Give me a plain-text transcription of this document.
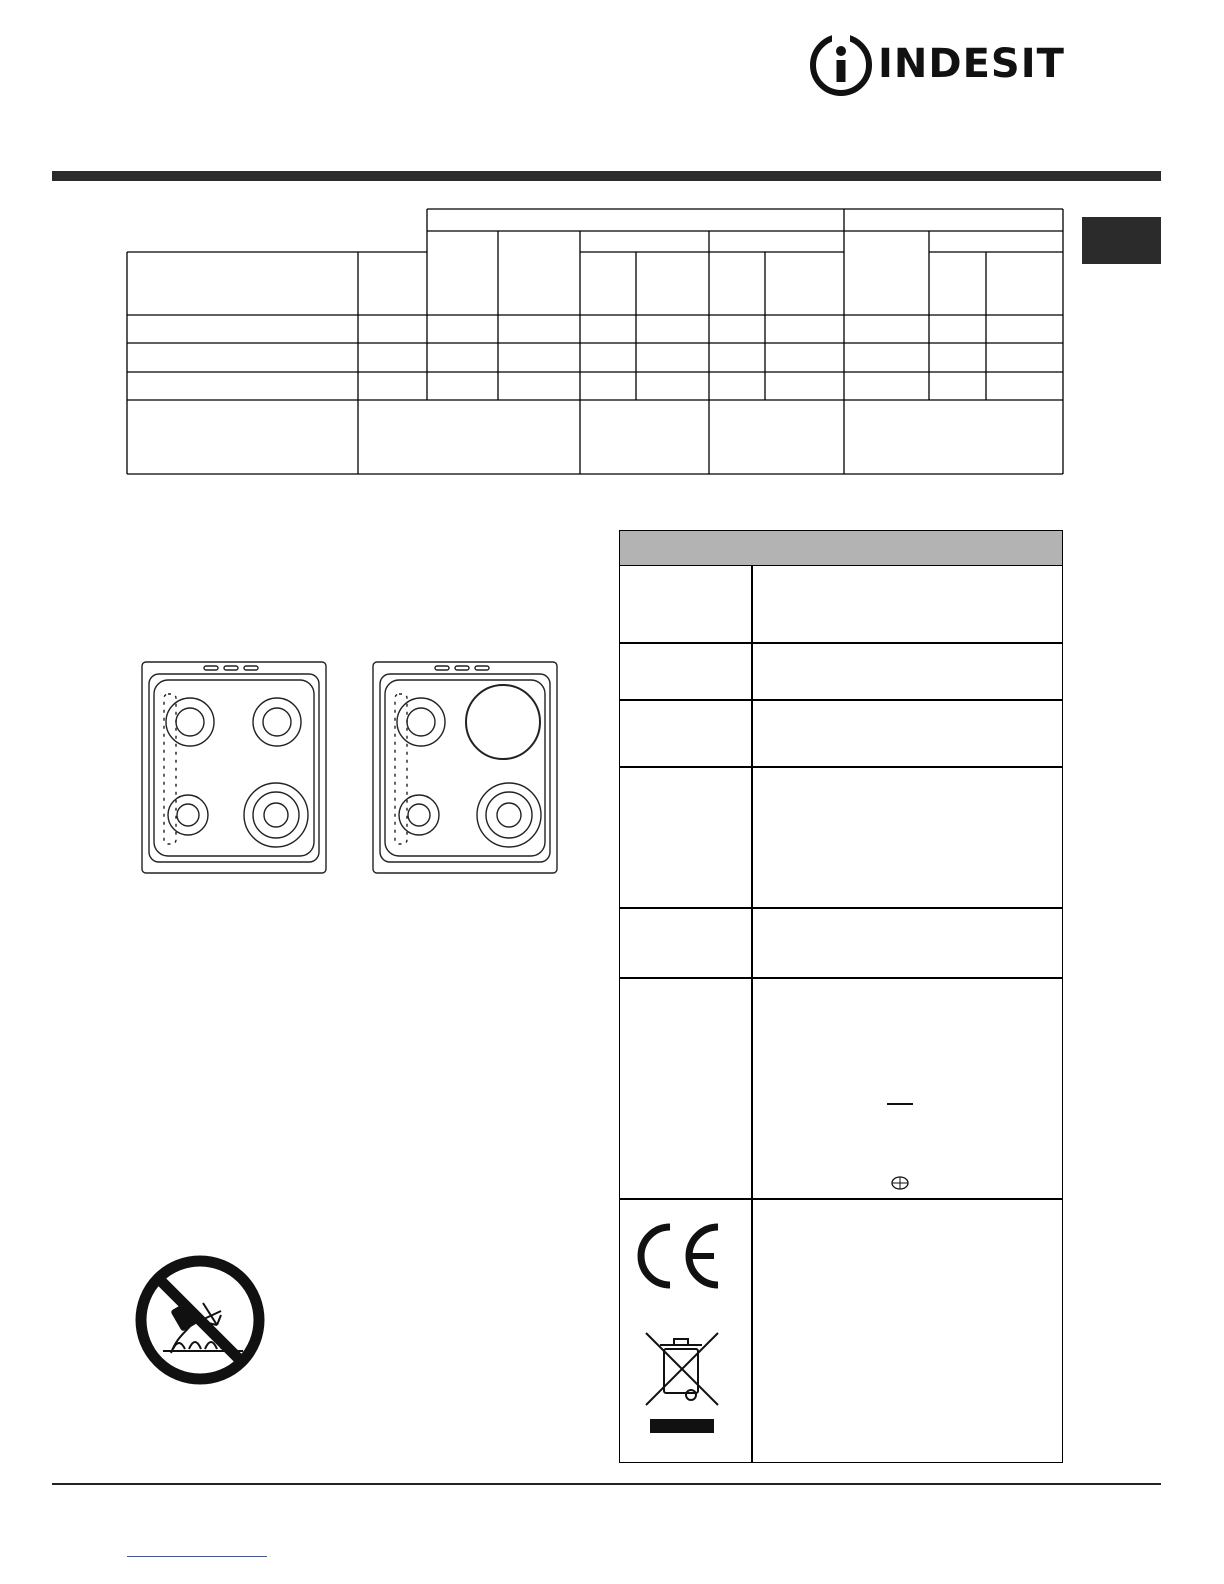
INDESIT
